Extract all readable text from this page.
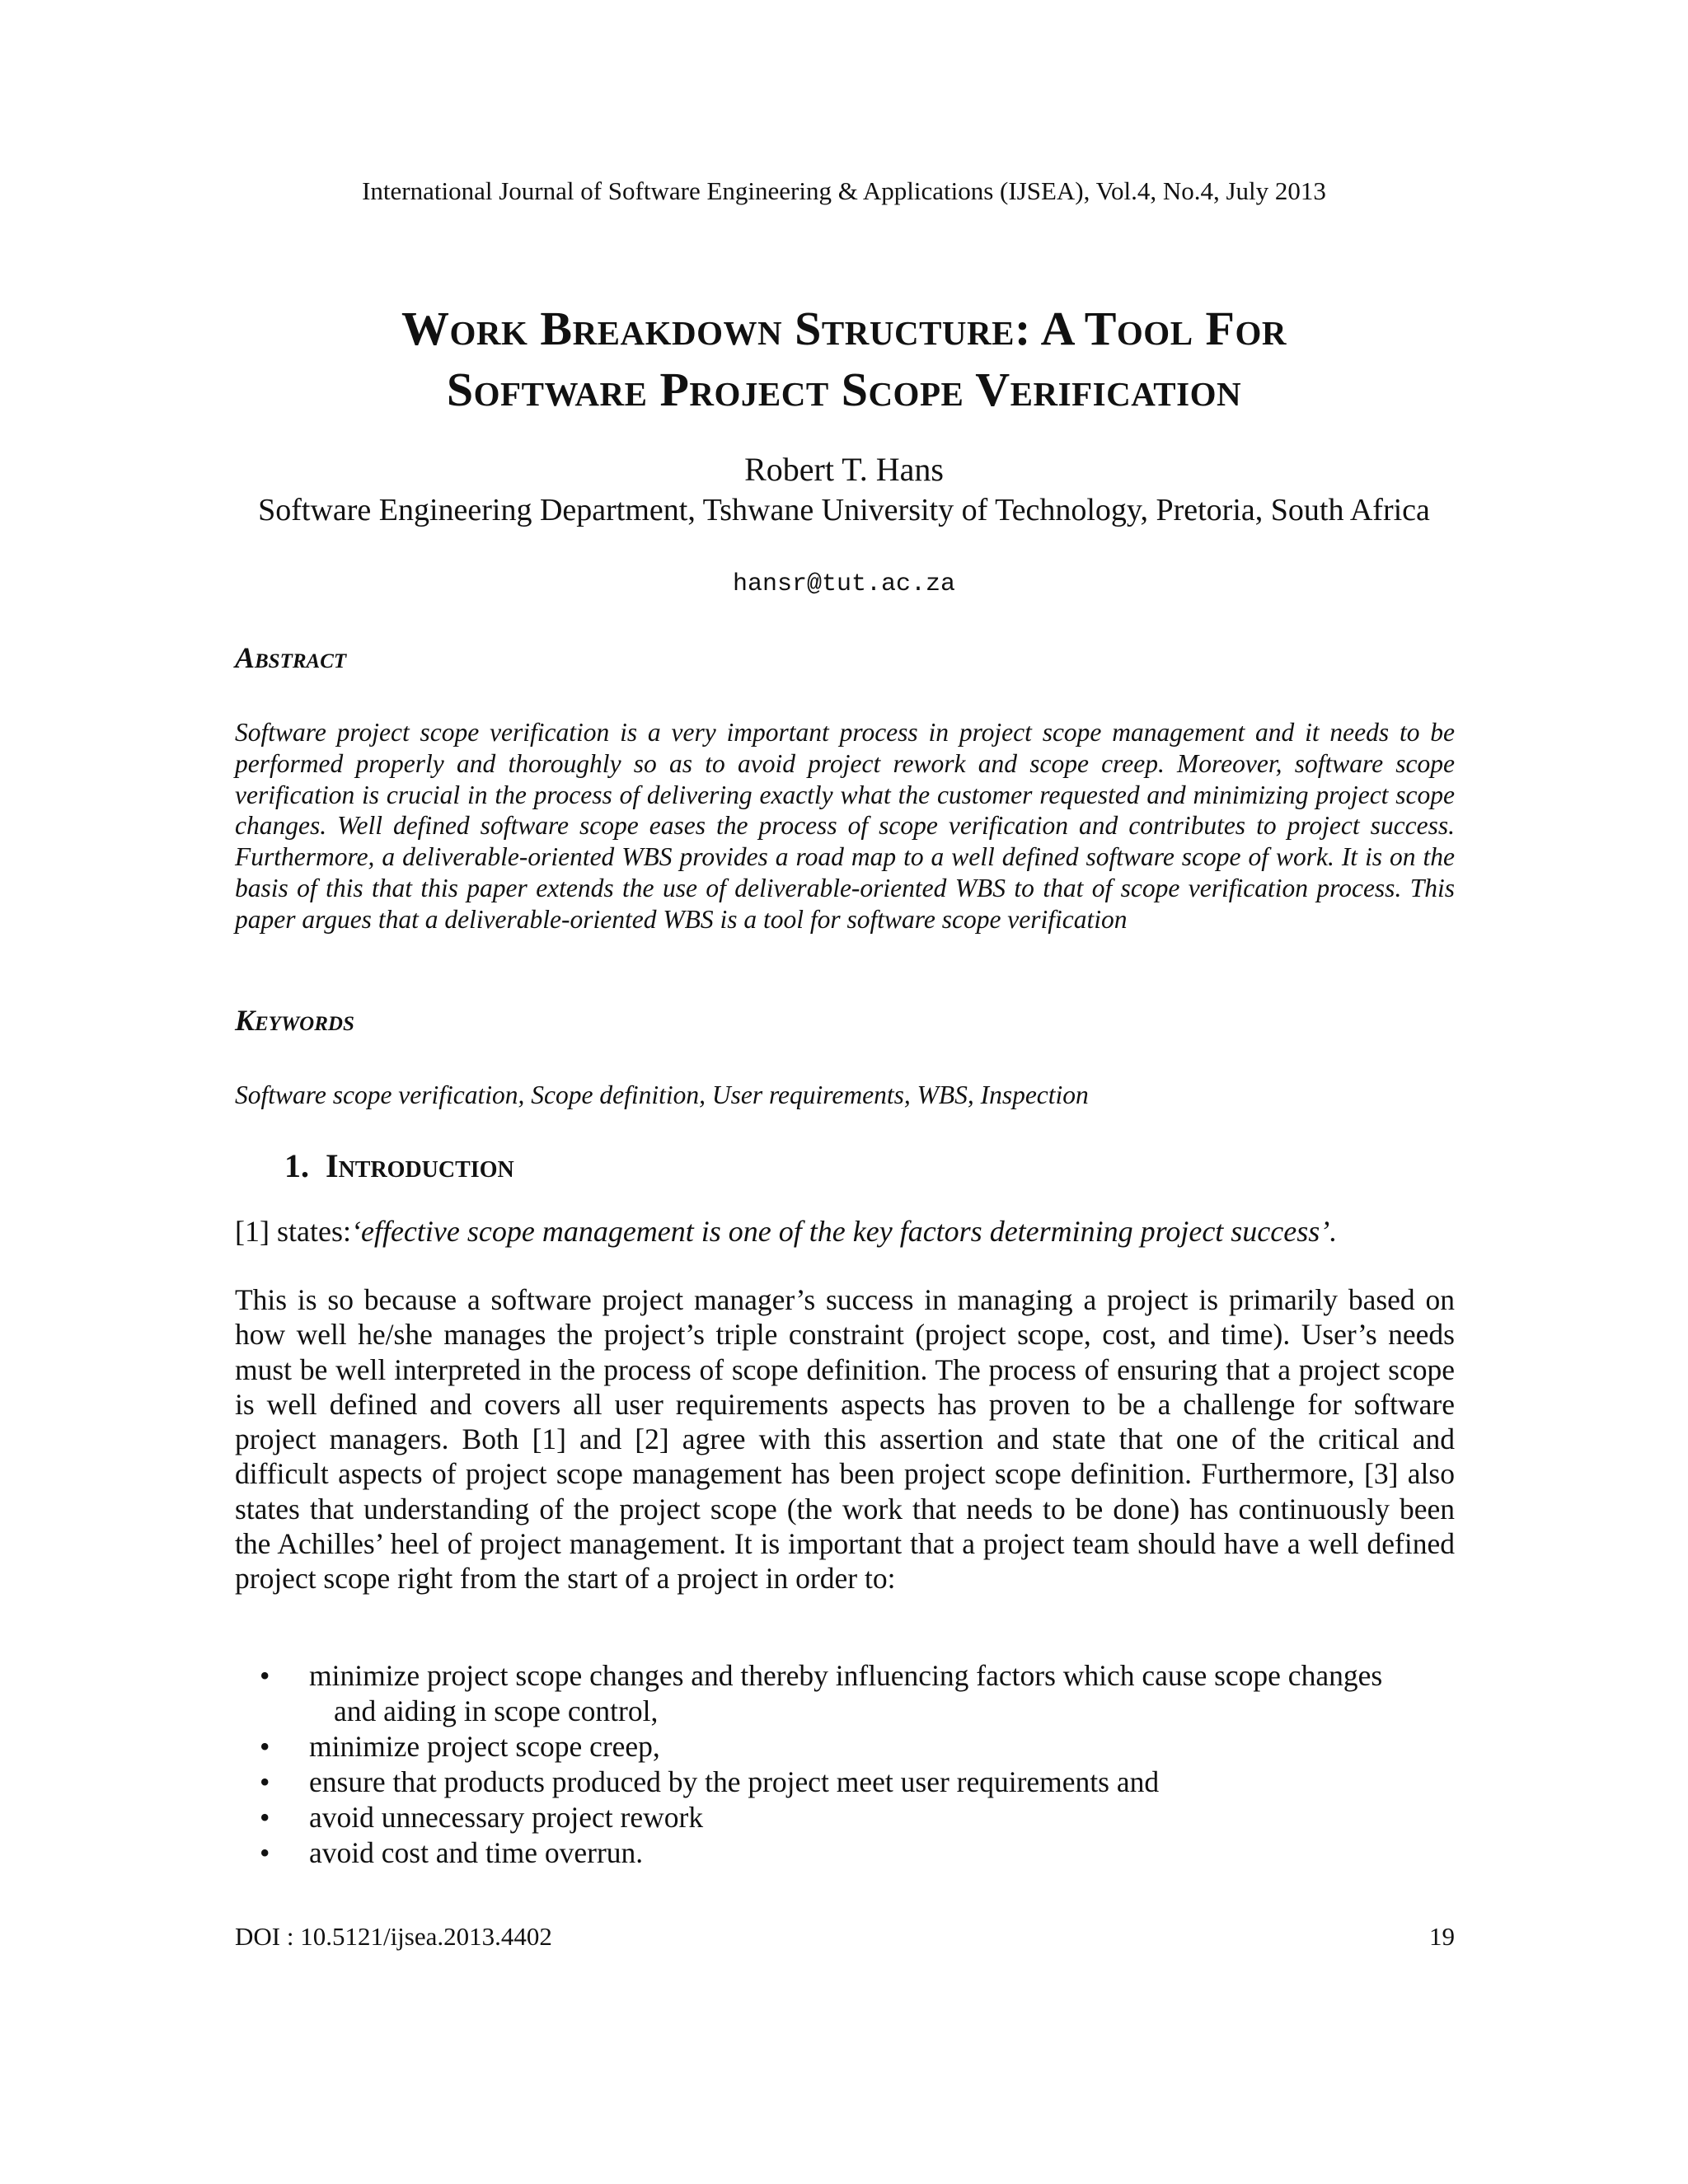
International Journal of Software Engineering & Applications (IJSEA), Vol.4, No.4, July 2013
Work Breakdown Structure: A Tool For
Software Project Scope Verification
Robert T. Hans
Software Engineering Department, Tshwane University of Technology, Pretoria, South Africa
hansr@tut.ac.za
Abstract
Software project scope verification is a very important process in project scope management and it needs to be performed properly and thoroughly so as to avoid project rework and scope creep. Moreover, software scope verification is crucial in the process of delivering exactly what the customer requested and minimizing project scope changes. Well defined software scope eases the process of scope verification and contributes to project success. Furthermore, a deliverable-oriented WBS provides a road map to a well defined software scope of work. It is on the basis of this that this paper extends the use of deliverable-oriented WBS to that of scope verification process. This paper argues that a deliverable-oriented WBS is a tool for software scope verification
Keywords
Software scope verification, Scope definition, User requirements, WBS, Inspection
1. Introduction
[1] states:‘effective scope management is one of the key factors determining project success’.
This is so because a software project manager’s success in managing a project is primarily based on how well he/she manages the project’s triple constraint (project scope, cost, and time). User’s needs must be well interpreted in the process of scope definition. The process of ensuring that a project scope is well defined and covers all user requirements aspects has proven to be a challenge for software project managers. Both [1] and [2] agree with this assertion and state that one of the critical and difficult aspects of project scope management has been project scope definition. Furthermore, [3] also states that understanding of the project scope (the work that needs to be done) has continuously been the Achilles’ heel of project management. It is important that a project team should have a well defined project scope right from the start of a project in order to:
• minimize project scope changes and thereby influencing factors which cause scope changes
and aiding in scope control,
• minimize project scope creep,
• ensure that products produced by the project meet user requirements and
• avoid unnecessary project rework
• avoid cost and time overrun.
DOI : 10.5121/ijsea.2013.4402	19
